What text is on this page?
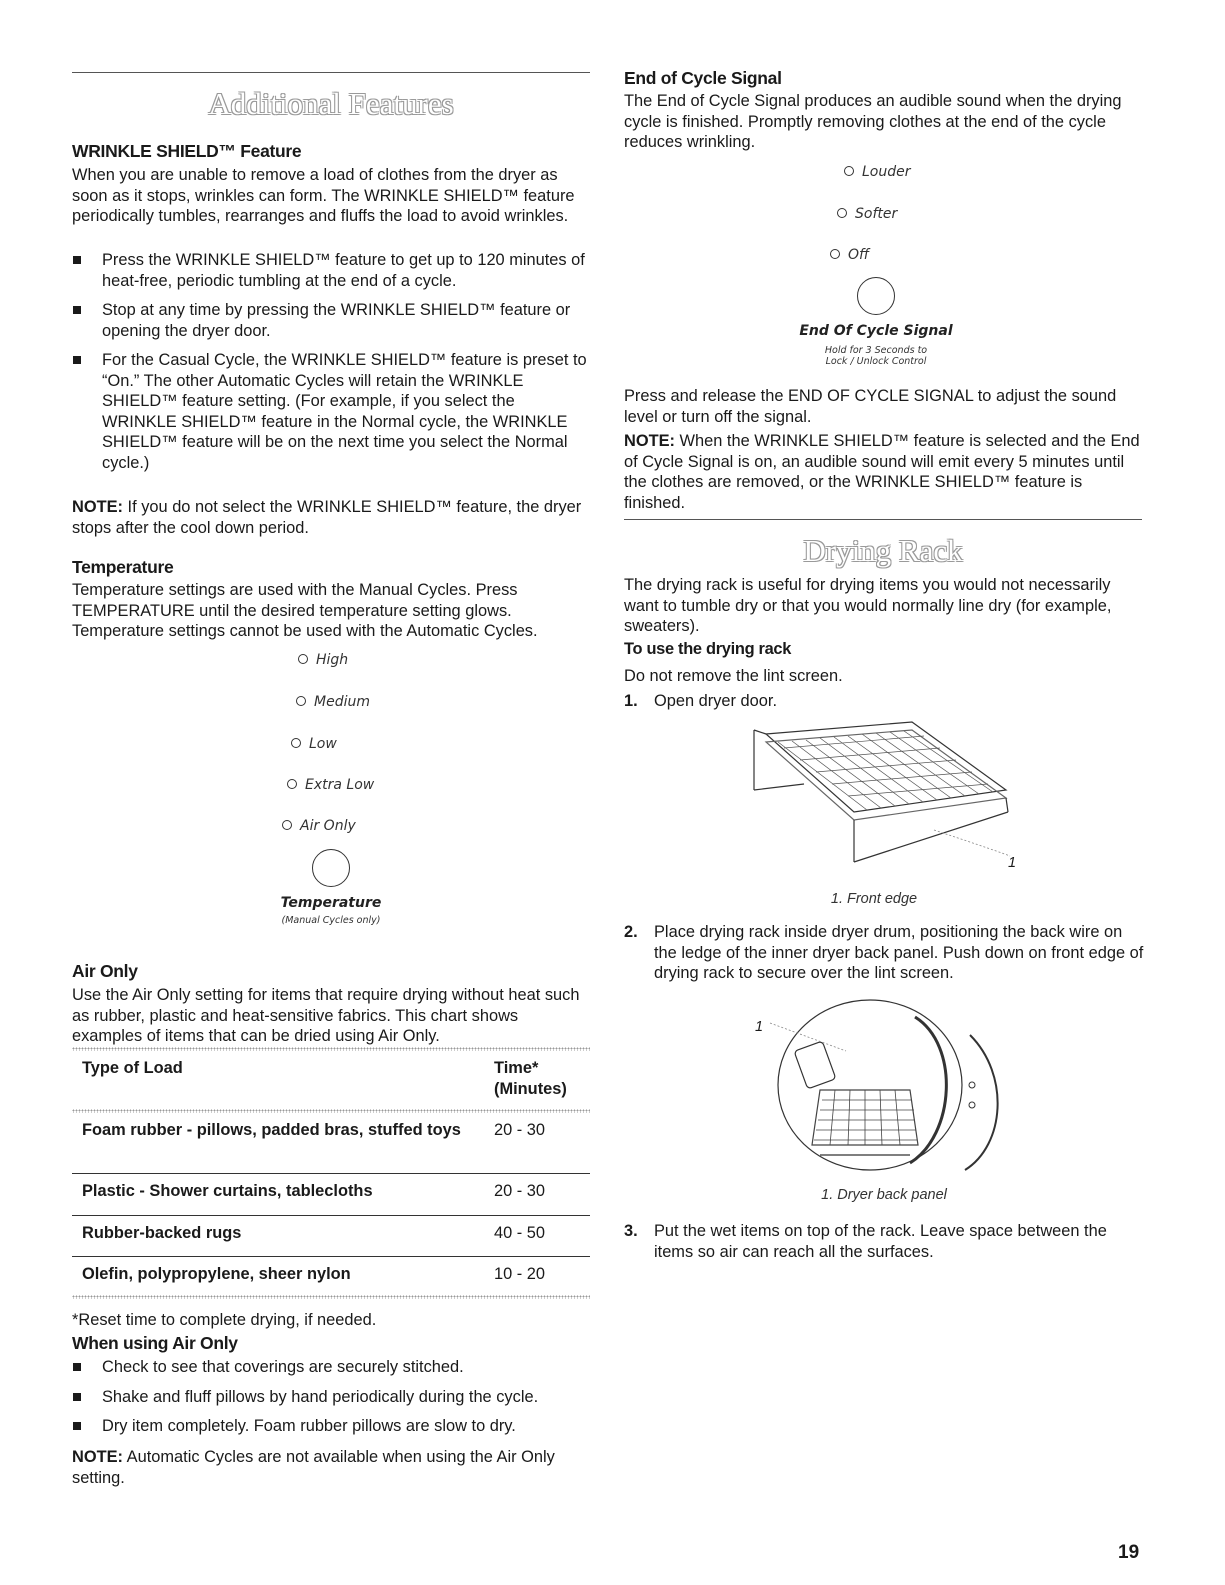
Additional Features
WRINKLE SHIELD™ Feature

When you are unable to remove a load of clothes from the dryer as soon as it stops, wrinkles can form. The WRINKLE SHIELD™ feature periodically tumbles, rearranges and fluffs the load to avoid wrinkles.

Press the WRINKLE SHIELD™ feature to get up to 120 minutes of heat-free, periodic tumbling at the end of a cycle.
Stop at any time by pressing the WRINKLE SHIELD™ feature or opening the dryer door.
For the Casual Cycle, the WRINKLE SHIELD™ feature is preset to “On.” The other Automatic Cycles will retain the WRINKLE SHIELD™ feature setting. (For example, if you select the WRINKLE SHIELD™ feature in the Normal cycle, the WRINKLE SHIELD™ feature will be on the next time you select the Normal cycle.)

NOTE: If you do not select the WRINKLE SHIELD™ feature, the dryer stops after the cool down period.

Temperature

Temperature settings are used with the Manual Cycles. Press TEMPERATURE until the desired temperature setting glows. Temperature settings cannot be used with the Automatic Cycles.

High
Medium
Low
Extra Low
Air Only
Temperature
(Manual Cycles only)
Air Only

Use the Air Only setting for items that require drying without heat such as rubber, plastic and heat-sensitive fabrics. This chart shows examples of items that can be dried using Air Only.

Type of Load	Time*
(Minutes)
Foam rubber - pillows, padded bras, stuffed toys	20 - 30
Plastic - Shower curtains, tablecloths	20 - 30
Rubber-backed rugs	40 - 50
Olefin, polypropylene, sheer nylon	10 - 20

*Reset time to complete drying, if needed.

When using Air Only
Check to see that coverings are securely stitched.
Shake and fluff pillows by hand periodically during the cycle.
Dry item completely. Foam rubber pillows are slow to dry.

NOTE: Automatic Cycles are not available when using the Air Only setting.

End of Cycle Signal

The End of Cycle Signal produces an audible sound when the drying cycle is finished. Promptly removing clothes at the end of the cycle reduces wrinkling.

Louder
Softer
Off
End Of Cycle Signal
Hold for 3 Seconds to
Lock / Unlock Control

Press and release the END OF CYCLE SIGNAL to adjust the sound level or turn off the signal.

NOTE: When the WRINKLE SHIELD™ feature is selected and the End of Cycle Signal is on, an audible sound will emit every 5 minutes until the clothes are removed, or the WRINKLE SHIELD™ feature is finished.

Drying Rack

The drying rack is useful for drying items you would not necessarily want to tumble dry or that you would normally line dry (for example, sweaters).

To use the drying rack

Do not remove the lint screen.

1. Open dryer door.
1
1. Front edge
2. Place drying rack inside dryer drum, positioning the back wire on the ledge of the inner dryer back panel. Push down on front edge of drying rack to secure over the lint screen.
1
1. Dryer back panel
3. Put the wet items on top of the rack. Leave space between the items so air can reach all the surfaces.
19
